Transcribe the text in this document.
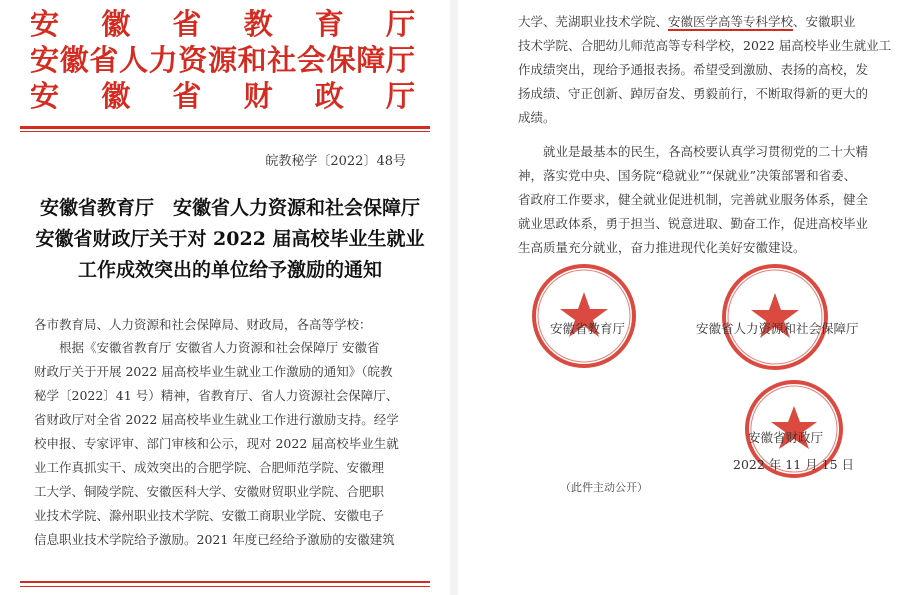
安 徽 省 教 育 厅
安 徽 省 人 力 资 源 和 社 会 保 障 厅
安 徽 省 财 政 厅
皖教秘学〔2022〕48号
安徽省教育厅　安徽省人力资源和社会保障厅
安徽省财政厅关于对 2022 届高校毕业生就业
工作成效突出的单位给予激励的通知
各市教育局、人力资源和社会保障局、财政局，各高等学校：
　　根据《安徽省教育厅 安徽省人力资源和社会保障厅 安徽省
财政厅关于开展 2022 届高校毕业生就业工作激励的通知》（皖教
秘学〔2022〕41 号）精神，省教育厅、省人力资源社会保障厅、
省财政厅对全省 2022 届高校毕业生就业工作进行激励支持。经学
校申报、专家评审、部门审核和公示，现对 2022 届高校毕业生就
业工作真抓实干、成效突出的合肥学院、合肥师范学院、安徽理
工大学、铜陵学院、安徽医科大学、安徽财贸职业学院、合肥职
业技术学院、滁州职业技术学院、安徽工商职业学院、安徽电子
信息职业技术学院给予激励。2021 年度已经给予激励的安徽建筑
大学、芜湖职业技术学院、安徽医学高等专科学校、安徽职业
技术学院、合肥幼儿师范高等专科学校，2022 届高校毕业生就业工
作成绩突出，现给予通报表扬。希望受到激励、表扬的高校，发
扬成绩、守正创新、踔厉奋发、勇毅前行，不断取得新的更大的
成绩。
　　就业是最基本的民生，各高校要认真学习贯彻党的二十大精
神，落实党中央、国务院“稳就业”“保就业”决策部署和省委、
省政府工作要求，健全就业促进机制，完善就业服务体系，健全
就业思政体系，勇于担当、锐意进取、勤奋工作，促进高校毕业
生高质量充分就业，奋力推进现代化美好安徽建设。
安徽省教育厅	安徽省人力资源和社会保障厅
安徽省财政厅
2022 年 11 月 15 日
（此件主动公开）
